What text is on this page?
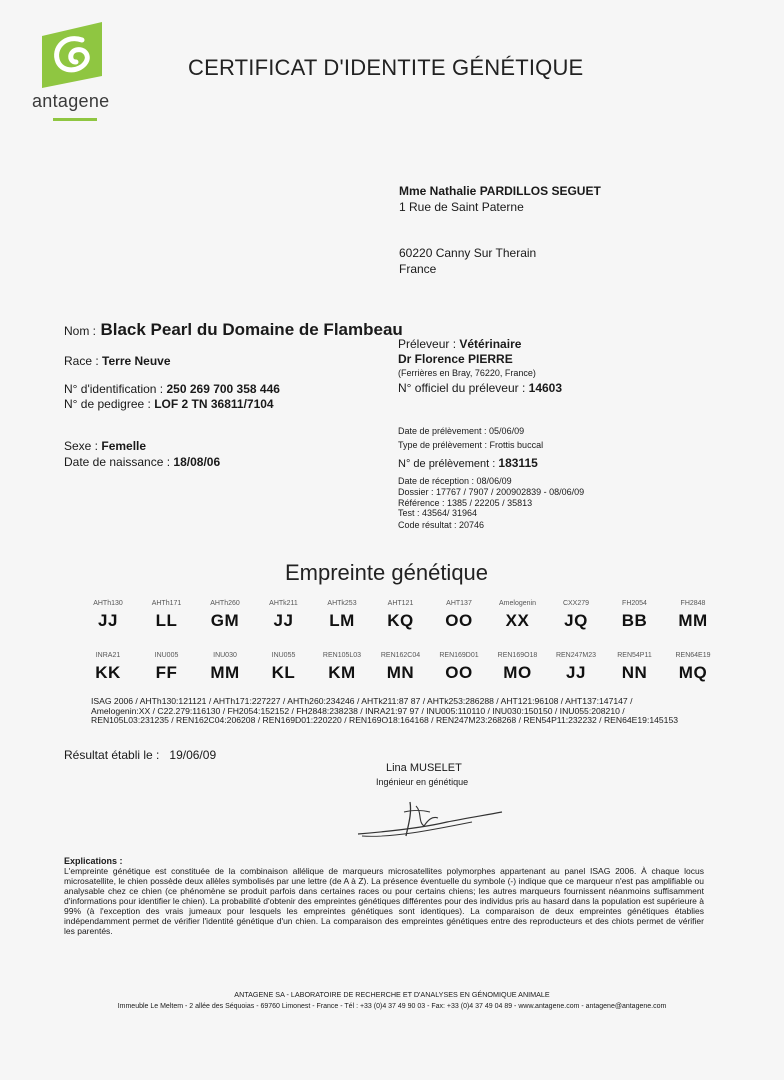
antagene
CERTIFICAT D'IDENTITE GÉNÉTIQUE
Mme Nathalie PARDILLOS SEGUET
1 Rue de Saint Paterne
60220 Canny Sur Therain
France
Nom : Black Pearl du Domaine de Flambeau
Race : Terre Neuve
N° d'identification : 250 269 700 358 446
N° de pedigree : LOF 2 TN 36811/7104
Sexe : Femelle
Date de naissance : 18/08/06
Préleveur : Vétérinaire
Dr Florence PIERRE
(Ferrières en Bray, 76220, France)
N° officiel du préleveur : 14603
Date de prélèvement : 05/06/09
Type de prélèvement : Frottis buccal
N° de prélèvement : 183115
Date de réception : 08/06/09
Dossier : 17767 / 7907 / 200902839 - 08/06/09
Référence : 1385 / 22205 / 35813
Test : 43564/ 31964
Code résultat : 20746
Empreinte génétique
AHTh130
JJ
AHTh171
LL
AHTh260
GM
AHTk211
JJ
AHTk253
LM
AHT121
KQ
AHT137
OO
Amelogenin
XX
CXX279
JQ
FH2054
BB
FH2848
MM
INRA21
KK
INU005
FF
INU030
MM
INU055
KL
REN105L03
KM
REN162C04
MN
REN169D01
OO
REN169O18
MO
REN247M23
JJ
REN54P11
NN
REN64E19
MQ
ISAG 2006 / AHTh130:121121 / AHTh171:227227 / AHTh260:234246 / AHTk211:87 87 / AHTk253:286288 / AHT121:96108 / AHT137:147147 / Amelogenin:XX / C22.279:116130 / FH2054:152152 / FH2848:238238 / INRA21:97 97 / INU005:110110 / INU030:150150 / INU055:208210 / REN105L03:231235 / REN162C04:206208 / REN169D01:220220 / REN169O18:164168 / REN247M23:268268 / REN54P11:232232 / REN64E19:145153
Résultat établi le : 19/06/09
Lina MUSELET
Ingénieur en génétique
Explications :
L'empreinte génétique est constituée de la combinaison allélique de marqueurs microsatellites polymorphes appartenant au panel ISAG 2006. À chaque locus microsatellite, le chien possède deux allèles symbolisés par une lettre (de A à Z). La présence éventuelle du symbole (-) indique que ce marqueur n'est pas amplifiable ou analysable chez ce chien (ce phénomène se produit parfois dans certaines races ou pour certains chiens; les autres marqueurs fournissent néanmoins suffisamment d'informations pour identifier le chien). La probabilité d'obtenir des empreintes génétiques différentes pour des individus pris au hasard dans la population est supérieure à 99% (à l'exception des vrais jumeaux pour lesquels les empreintes génétiques sont identiques). La comparaison de deux empreintes génétiques établies indépendamment permet de vérifier l'identité génétique d'un chien. La comparaison des empreintes génétiques entre des reproducteurs et des chiots permet de vérifier les parentés.
ANTAGENE SA - LABORATOIRE DE RECHERCHE ET D'ANALYSES EN GÉNOMIQUE ANIMALE
Immeuble Le Meltem - 2 allée des Séquoias - 69760 Limonest - France - Tél : +33 (0)4 37 49 90 03 - Fax: +33 (0)4 37 49 04 89 - www.antagene.com - antagene@antagene.com
